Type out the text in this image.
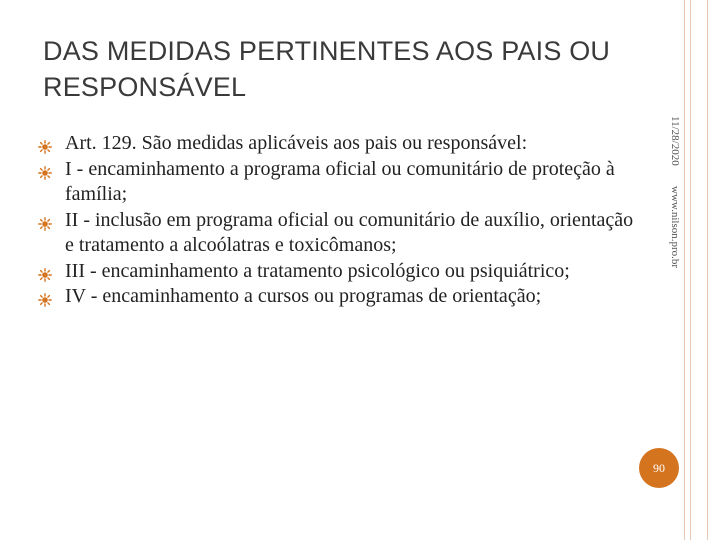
DAS MEDIDAS PERTINENTES AOS PAIS OU RESPONSÁVEL
Art. 129. São medidas aplicáveis aos pais ou responsável:
I - encaminhamento a programa oficial ou comunitário de proteção à família;
II - inclusão em programa oficial ou comunitário de auxílio, orientação e tratamento a alcoólatras e toxicômanos;
III - encaminhamento a tratamento psicológico ou psiquiátrico;
IV - encaminhamento a cursos ou programas de orientação;
11/28/2020
www.nilson.pro.br
90
